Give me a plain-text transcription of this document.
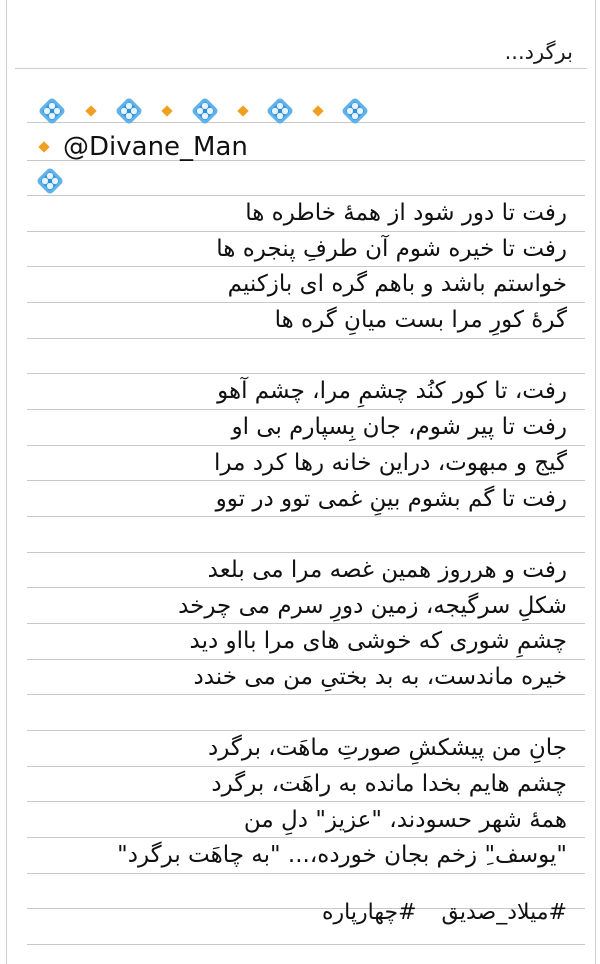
برگرد...
@Divane_Man
رفت تا دور شود از همهٔ خاطره ها
رفت تا خیره شوم آن طرفِ پنجره ها
خواستم باشد و باهم گره ای بازکنیم
گرهٔ کورِ مرا بست میانِ گره ها
رفت، تا کور کنُد چشمِ مرا، چشم آهو
رفت تا پیر شوم، جان بِسپارم بی او
گیج و مبهوت، دراین خانه رها کرد مرا
رفت تا گم بشوم بینِ غمی توو در توو
رفت و هرروز همین غصه مرا می بلعد
شکلِ سرگیجه، زمین دورِ سرم می چرخد
چشمِ شوری که خوشی های مرا بااو دید
خیره ماندست، به بد بختیِ من می خندد
جانِ من پیشکشِ صورتِ ماهَت، برگرد
چشم هایم بخدا مانده به راهَت، برگرد
همهٔ شهر حسودند، "عزیز" دلِ من
"یوسف"ِ زخم بجان خورده،... "به چاهَت برگرد"
#میلاد_صدیق #چهارپاره
